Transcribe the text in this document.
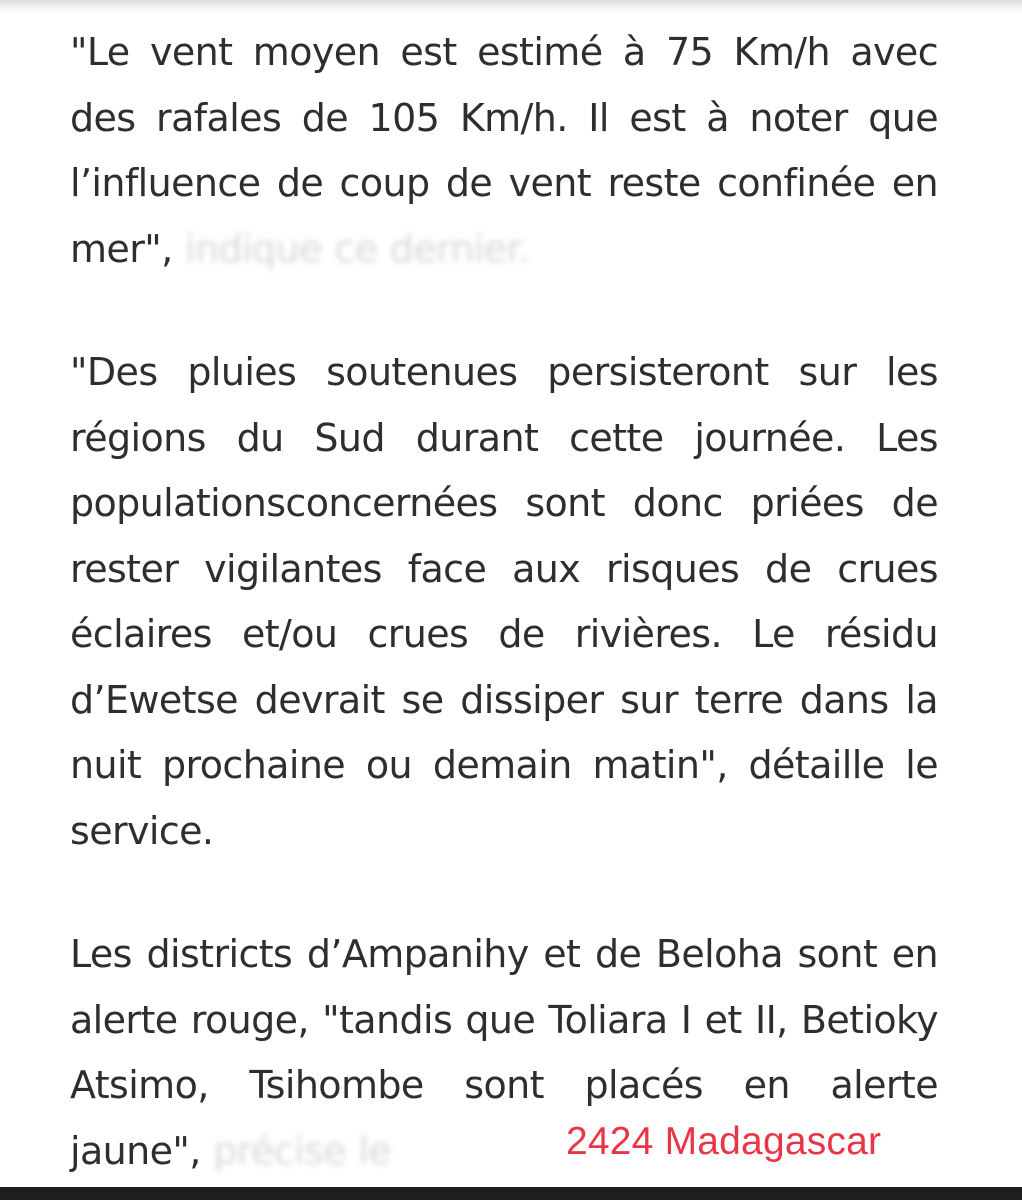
"Le vent moyen est estimé à 75 Km/h avec des rafales de 105 Km/h. Il est à noter que l’influence de coup de vent reste confinée en mer", indique ce dernier.

"Des pluies soutenues persisteront sur les régions du Sud durant cette journée. Les populationsconcernées sont donc priées de rester vigilantes face aux risques de crues éclaires et/ou crues de rivières. Le résidu d’Ewetse devrait se dissiper sur terre dans la nuit prochaine ou demain matin", détaille le service.

Les districts d’Ampanihy et de Beloha sont en alerte rouge, "tandis que Toliara I et II, Betioky Atsimo, Tsihombe sont placés en alerte jaune", précise le	2424 Madagascar
